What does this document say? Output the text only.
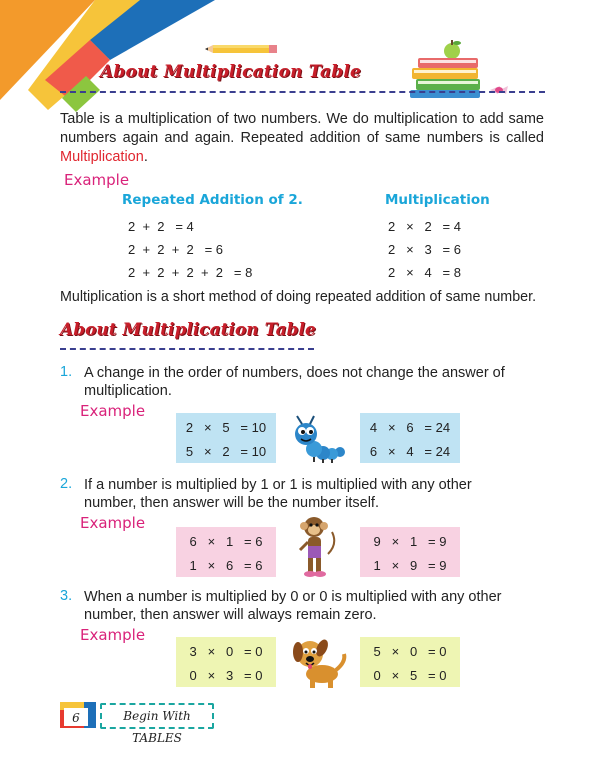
About Multiplication Table
Table is a multiplication of two numbers. We do multiplication to add same numbers again and again. Repeated addition of same numbers is called Multiplication.
Example
Repeated Addition of 2.	Multiplication
2  +  2   = 4
2  +  2  +  2   = 6
2  +  2  +  2  +  2   = 8
2   ×   2   = 4
2   ×   3   = 6
2   ×   4   = 8
Multiplication is a short method of doing repeated addition of same number.
About Multiplication Table
1. A change in the order of numbers, does not change the answer of multiplication.
Example
2   ×   5   = 10
5   ×   2   = 10
4   ×   6   = 24
6   ×   4   = 24
2. If a number is multiplied by 1 or 1 is multiplied with any other number, then answer will be the number itself.
Example
6   ×   1   = 6
1   ×   6   = 6
9   ×   1   = 9
1   ×   9   = 9
3. When a number is multiplied by 0 or 0 is multiplied with any other number, then answer will always remain zero.
Example
3   ×   0   = 0
0   ×   3   = 0
5   ×   0   = 0
0   ×   5   = 0
6	Begin With TABLES
